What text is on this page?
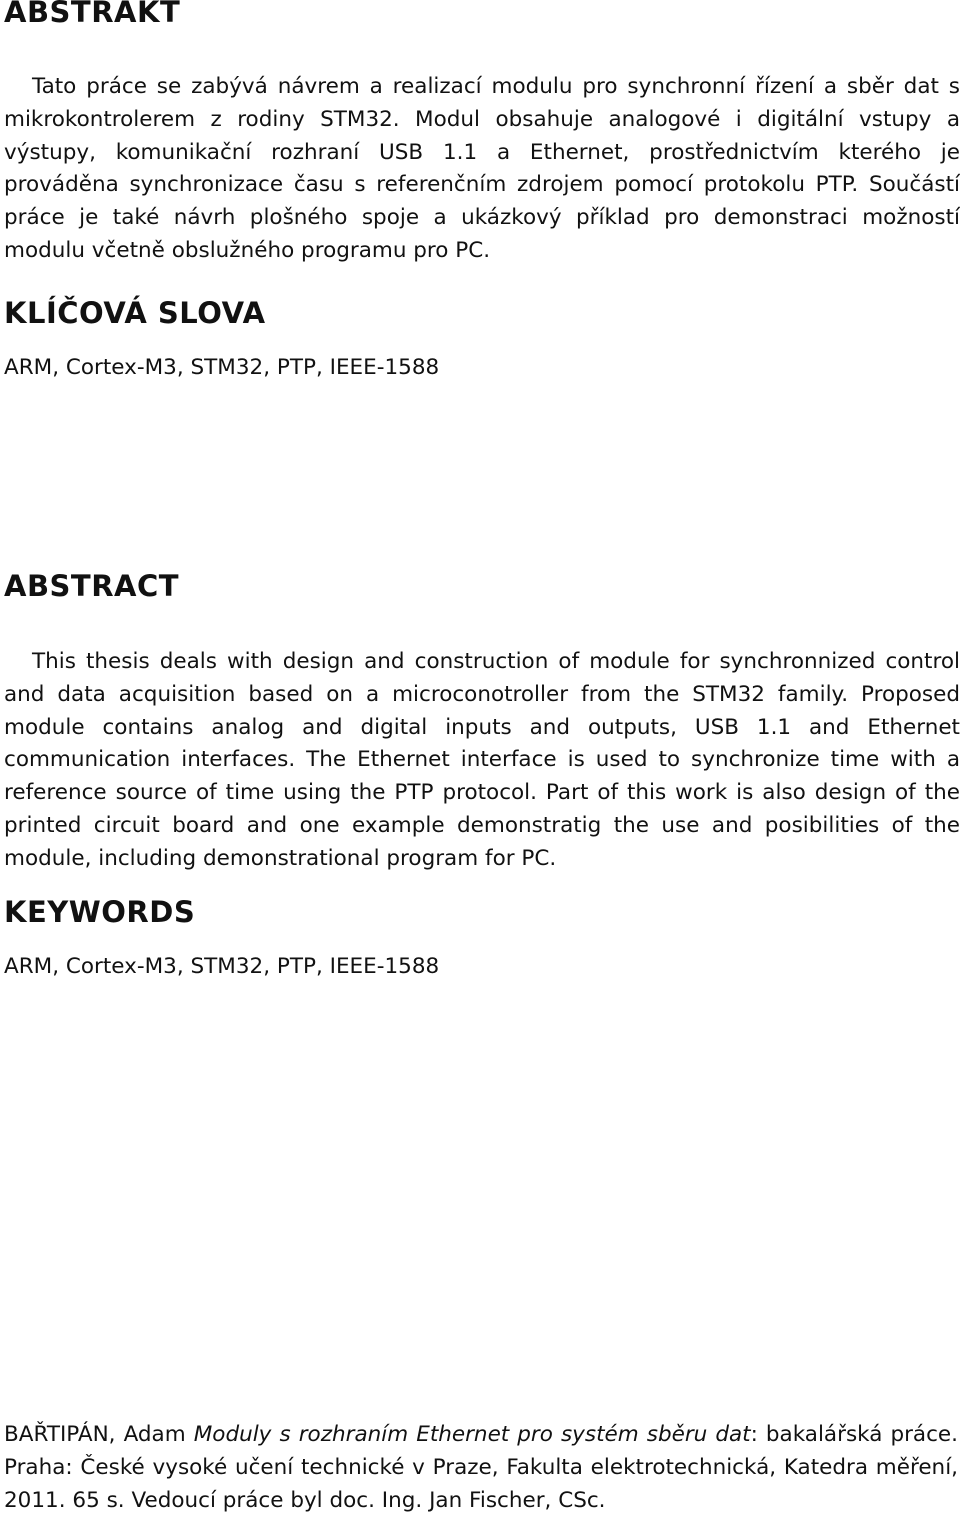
ABSTRAKT

Tato práce se zabývá návrem a realizací modulu pro synchronní řízení a sběr dat s mikrokontrolerem z rodiny STM32. Modul obsahuje analogové i digitální vstupy a výstupy, komunikační rozhraní USB 1.1 a Ethernet, prostřednictvím kterého je prováděna synchronizace času s referenčním zdrojem pomocí protokolu PTP. Součástí práce je také návrh plošného spoje a ukázkový příklad pro demonstraci možností modulu včetně obslužného programu pro PC.

KLÍČOVÁ SLOVA

ARM, Cortex-M3, STM32, PTP, IEEE-1588

ABSTRACT

This thesis deals with design and construction of module for synchronnized control and data acquisition based on a microconotroller from the STM32 family. Proposed module contains analog and digital inputs and outputs, USB 1.1 and Ethernet communication interfaces. The Ethernet interface is used to synchronize time with a reference source of time using the PTP protocol. Part of this work is also design of the printed circuit board and one example demonstratig the use and posibilities of the module, including demonstrational program for PC.

KEYWORDS

ARM, Cortex-M3, STM32, PTP, IEEE-1588

BAŘTIPÁN, Adam Moduly s rozhraním Ethernet pro systém sběru dat: bakalářská práce. Praha: České vysoké učení technické v Praze, Fakulta elektrotechnická, Katedra měření, 2011. 65 s. Vedoucí práce byl doc. Ing. Jan Fischer, CSc.
